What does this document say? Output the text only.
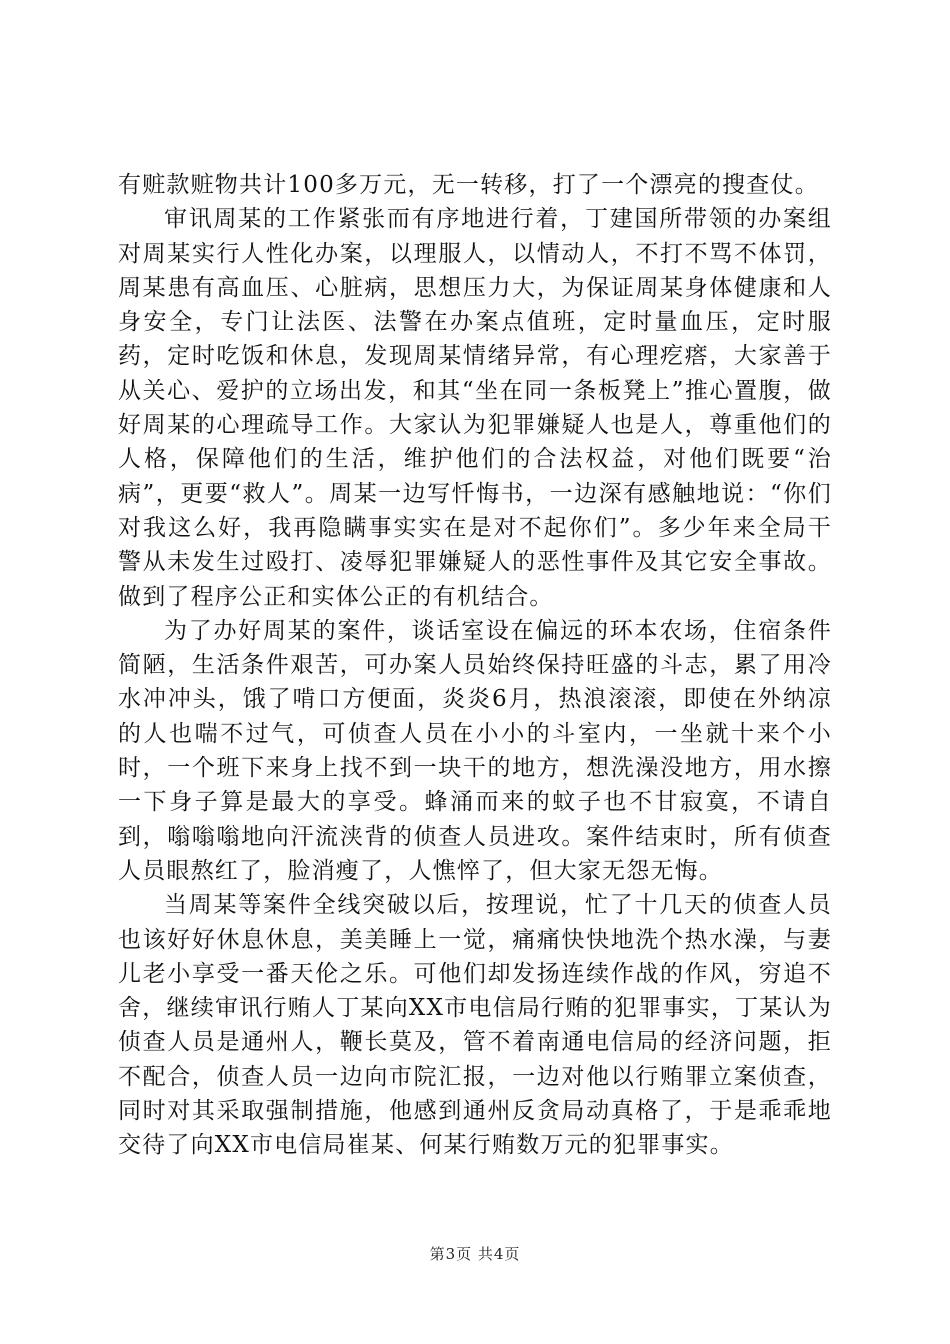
有赃款赃物共计100多万元，无一转移，打了一个漂亮的搜查仗。

审讯周某的工作紧张而有序地进行着，丁建国所带领的办案组对周某实行人性化办案，以理服人，以情动人，不打不骂不体罚，周某患有高血压、心脏病，思想压力大，为保证周某身体健康和人身安全，专门让法医、法警在办案点值班，定时量血压，定时服药，定时吃饭和休息，发现周某情绪异常，有心理疙瘩，大家善于从关心、爱护的立场出发，和其“坐在同一条板凳上”推心置腹，做好周某的心理疏导工作。大家认为犯罪嫌疑人也是人，尊重他们的人格，保障他们的生活，维护他们的合法权益，对他们既要“治病”，更要“救人”。周某一边写忏悔书，一边深有感触地说：“你们对我这么好，我再隐瞒事实实在是对不起你们”。多少年来全局干警从未发生过殴打、凌辱犯罪嫌疑人的恶性事件及其它安全事故。做到了程序公正和实体公正的有机结合。

为了办好周某的案件，谈话室设在偏远的环本农场，住宿条件简陋，生活条件艰苦，可办案人员始终保持旺盛的斗志，累了用冷水冲冲头，饿了啃口方便面，炎炎6月，热浪滚滚，即使在外纳凉的人也喘不过气，可侦查人员在小小的斗室内，一坐就十来个小时，一个班下来身上找不到一块干的地方，想洗澡没地方，用水擦一下身子算是最大的享受。蜂涌而来的蚊子也不甘寂寞，不请自到，嗡嗡嗡地向汗流浃背的侦查人员进攻。案件结束时，所有侦查人员眼熬红了，脸消瘦了，人憔悴了，但大家无怨无悔。

当周某等案件全线突破以后，按理说，忙了十几天的侦查人员也该好好休息休息，美美睡上一觉，痛痛快快地洗个热水澡，与妻儿老小享受一番天伦之乐。可他们却发扬连续作战的作风，穷追不舍，继续审讯行贿人丁某向XX市电信局行贿的犯罪事实，丁某认为侦查人员是通州人，鞭长莫及，管不着南通电信局的经济问题，拒不配合，侦查人员一边向市院汇报，一边对他以行贿罪立案侦查，同时对其采取强制措施，他感到通州反贪局动真格了，于是乖乖地交待了向XX市电信局崔某、何某行贿数万元的犯罪事实。

第3页 共4页
